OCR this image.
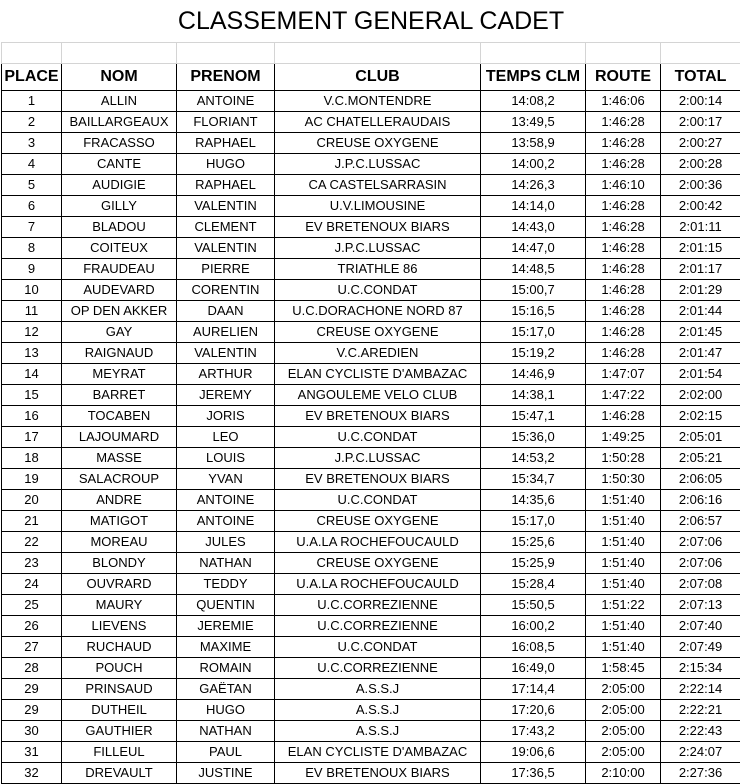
CLASSEMENT GENERAL CADET						

PLACE	NOM	PRENOM	CLUB	TEMPS CLM	ROUTE	TOTAL
1	ALLIN	ANTOINE	V.C.MONTENDRE	14:08,2	1:46:06	2:00:14
2	BAILLARGEAUX	FLORIANT	AC CHATELLERAUDAIS	13:49,5	1:46:28	2:00:17
3	FRACASSO	RAPHAEL	CREUSE OXYGENE	13:58,9	1:46:28	2:00:27
4	CANTE	HUGO	J.P.C.LUSSAC	14:00,2	1:46:28	2:00:28
5	AUDIGIE	RAPHAEL	CA CASTELSARRASIN	14:26,3	1:46:10	2:00:36
6	GILLY	VALENTIN	U.V.LIMOUSINE	14:14,0	1:46:28	2:00:42
7	BLADOU	CLEMENT	EV BRETENOUX BIARS	14:43,0	1:46:28	2:01:11
8	COITEUX	VALENTIN	J.P.C.LUSSAC	14:47,0	1:46:28	2:01:15
9	FRAUDEAU	PIERRE	TRIATHLE 86	14:48,5	1:46:28	2:01:17
10	AUDEVARD	CORENTIN	U.C.CONDAT	15:00,7	1:46:28	2:01:29
11	OP DEN AKKER	DAAN	U.C.DORACHONE NORD 87	15:16,5	1:46:28	2:01:44
12	GAY	AURELIEN	CREUSE OXYGENE	15:17,0	1:46:28	2:01:45
13	RAIGNAUD	VALENTIN	V.C.AREDIEN	15:19,2	1:46:28	2:01:47
14	MEYRAT	ARTHUR	ELAN CYCLISTE D'AMBAZAC	14:46,9	1:47:07	2:01:54
15	BARRET	JEREMY	ANGOULEME VELO CLUB	14:38,1	1:47:22	2:02:00
16	TOCABEN	JORIS	EV BRETENOUX BIARS	15:47,1	1:46:28	2:02:15
17	LAJOUMARD	LEO	U.C.CONDAT	15:36,0	1:49:25	2:05:01
18	MASSE	LOUIS	J.P.C.LUSSAC	14:53,2	1:50:28	2:05:21
19	SALACROUP	YVAN	EV BRETENOUX BIARS	15:34,7	1:50:30	2:06:05
20	ANDRE	ANTOINE	U.C.CONDAT	14:35,6	1:51:40	2:06:16
21	MATIGOT	ANTOINE	CREUSE OXYGENE	15:17,0	1:51:40	2:06:57
22	MOREAU	JULES	U.A.LA ROCHEFOUCAULD	15:25,6	1:51:40	2:07:06
23	BLONDY	NATHAN	CREUSE OXYGENE	15:25,9	1:51:40	2:07:06
24	OUVRARD	TEDDY	U.A.LA ROCHEFOUCAULD	15:28,4	1:51:40	2:07:08
25	MAURY	QUENTIN	U.C.CORREZIENNE	15:50,5	1:51:22	2:07:13
26	LIEVENS	JEREMIE	U.C.CORREZIENNE	16:00,2	1:51:40	2:07:40
27	RUCHAUD	MAXIME	U.C.CONDAT	16:08,5	1:51:40	2:07:49
28	POUCH	ROMAIN	U.C.CORREZIENNE	16:49,0	1:58:45	2:15:34
29	PRINSAUD	GAËTAN	A.S.S.J	17:14,4	2:05:00	2:22:14
29	DUTHEIL	HUGO	A.S.S.J	17:20,6	2:05:00	2:22:21
30	GAUTHIER	NATHAN	A.S.S.J	17:43,2	2:05:00	2:22:43
31	FILLEUL	PAUL	ELAN CYCLISTE D'AMBAZAC	19:06,6	2:05:00	2:24:07
32	DREVAULT	JUSTINE	EV BRETENOUX BIARS	17:36,5	2:10:00	2:27:36
